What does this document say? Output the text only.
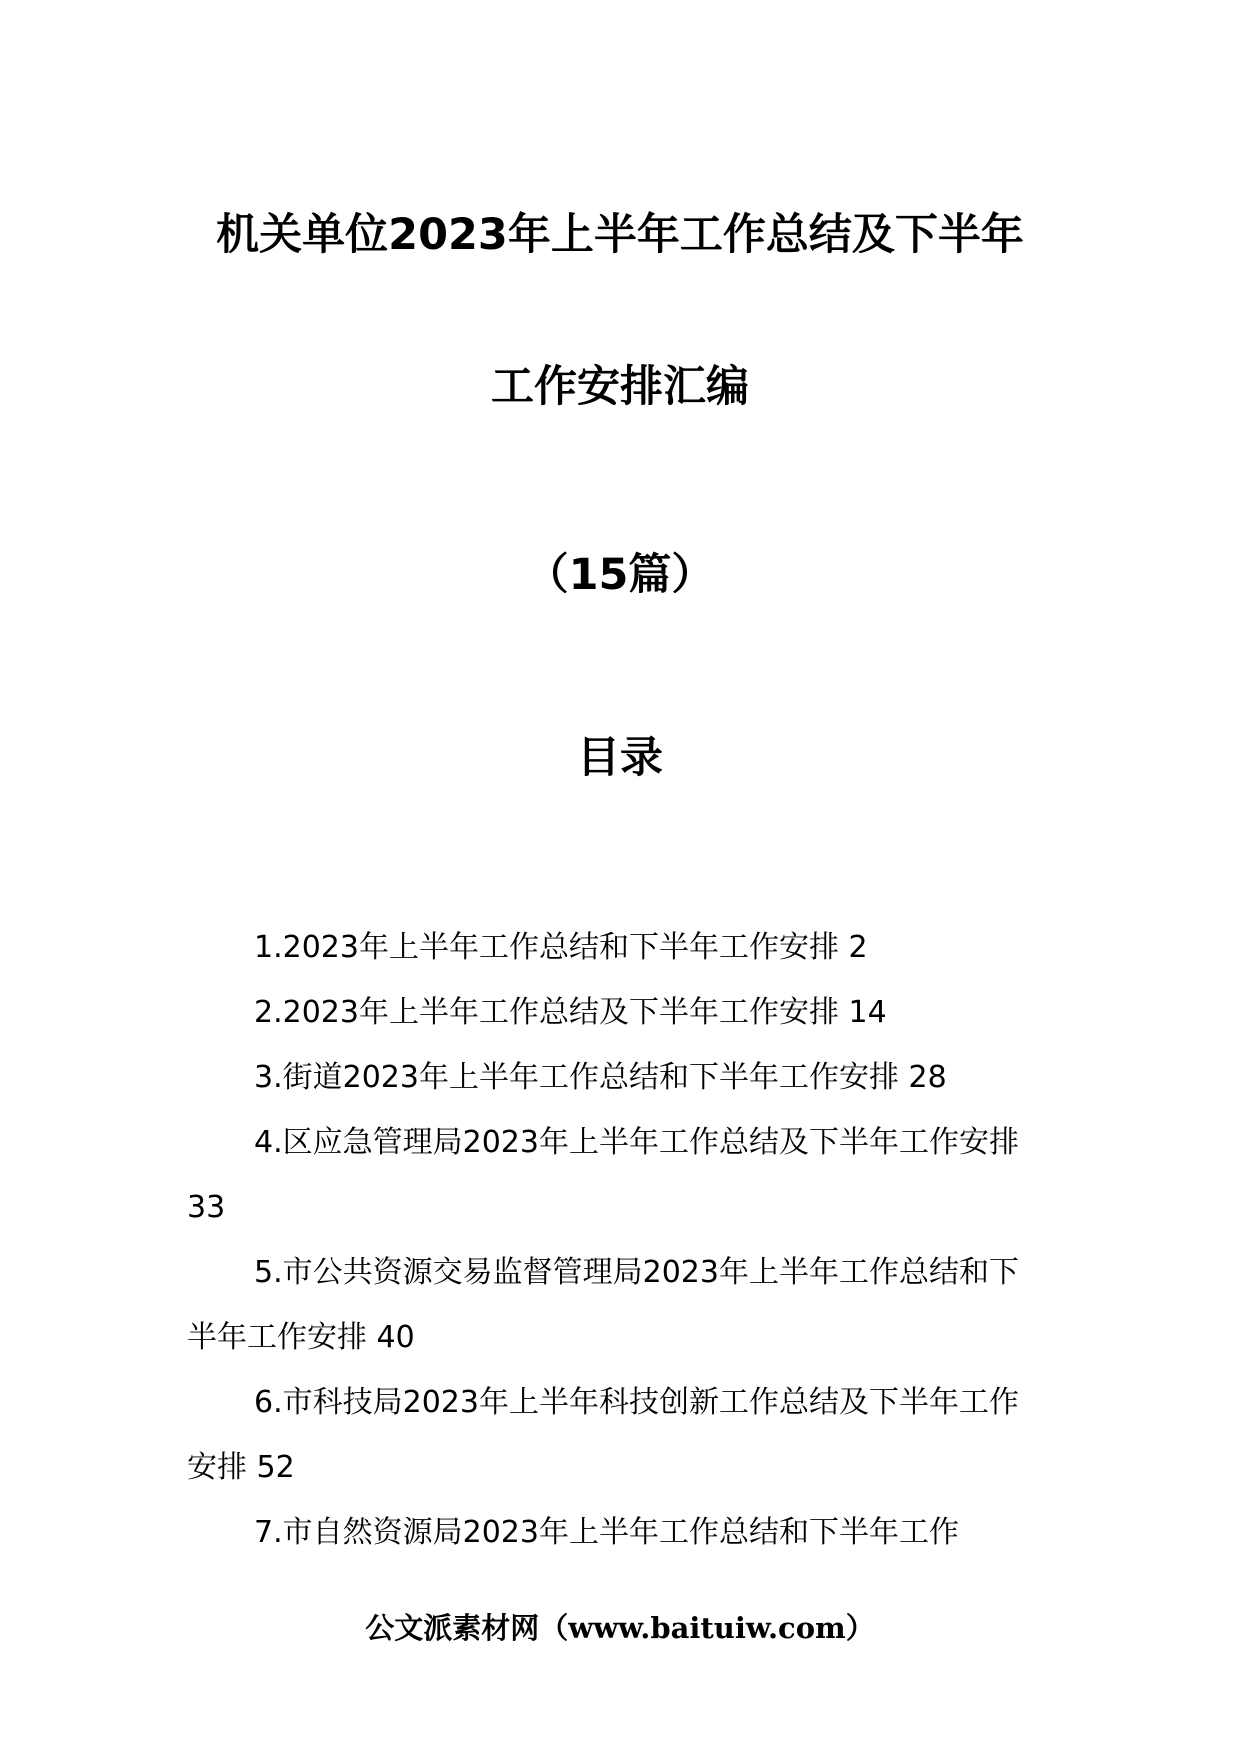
机关单位2023年上半年工作总结及下半年
工作安排汇编
（15篇）
目录

1.2023年上半年工作总结和下半年工作安排 2

2.2023年上半年工作总结及下半年工作安排 14

3.街道2023年上半年工作总结和下半年工作安排 28

4.区应急管理局2023年上半年工作总结及下半年工作安排 33

5.市公共资源交易监督管理局2023年上半年工作总结和下半年工作安排 40

6.市科技局2023年上半年科技创新工作总结及下半年工作安排 52

7.市自然资源局2023年上半年工作总结和下半年工作

公文派素材网（www.baituiw.com）
